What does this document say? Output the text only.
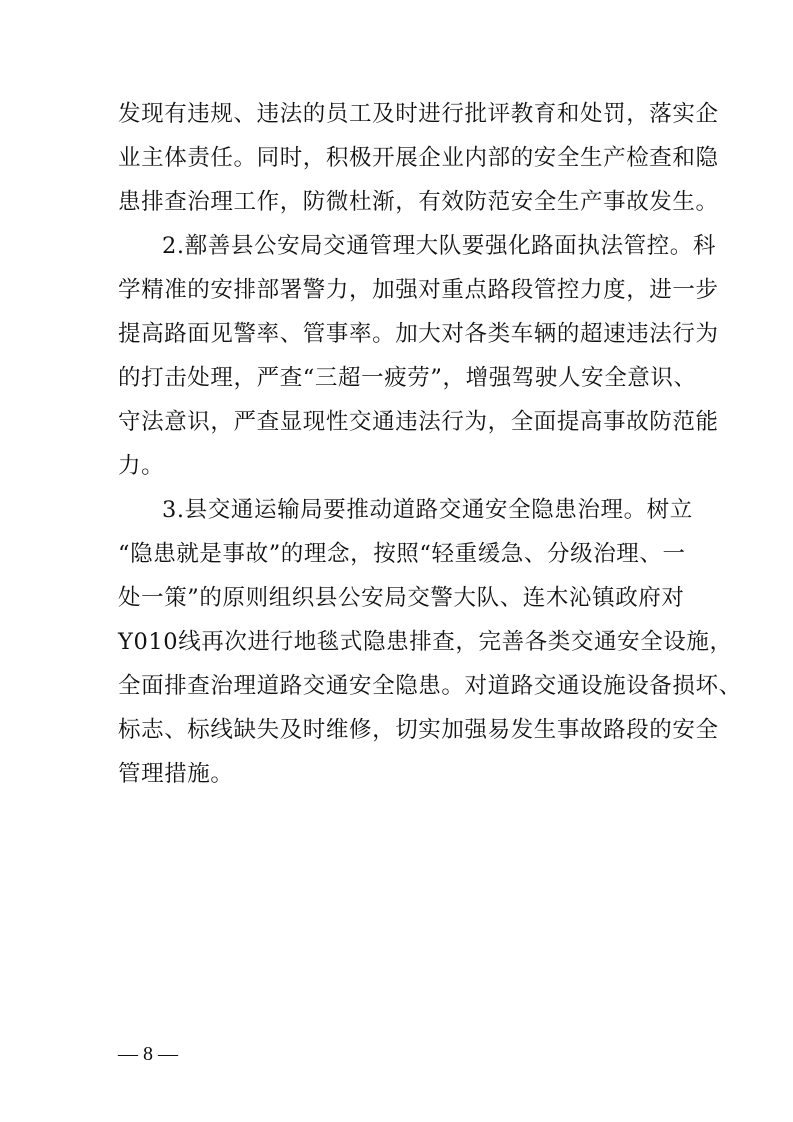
发现有违规、违法的员工及时进行批评教育和处罚，落实企
业主体责任。同时，积极开展企业内部的安全生产检查和隐
患排查治理工作，防微杜渐，有效防范安全生产事故发生。
2.鄯善县公安局交通管理大队要强化路面执法管控。科
学精准的安排部署警力，加强对重点路段管控力度，进一步
提高路面见警率、管事率。加大对各类车辆的超速违法行为
的打击处理，严查“三超一疲劳”，增强驾驶人安全意识、
守法意识，严查显现性交通违法行为，全面提高事故防范能
力。
3.县交通运输局要推动道路交通安全隐患治理。树立
“隐患就是事故”的理念，按照“轻重缓急、分级治理、一
处一策”的原则组织县公安局交警大队、连木沁镇政府对
Y010线再次进行地毯式隐患排查，完善各类交通安全设施，
全面排查治理道路交通安全隐患。对道路交通设施设备损坏、
标志、标线缺失及时维修，切实加强易发生事故路段的安全
管理措施。
— 8 —
